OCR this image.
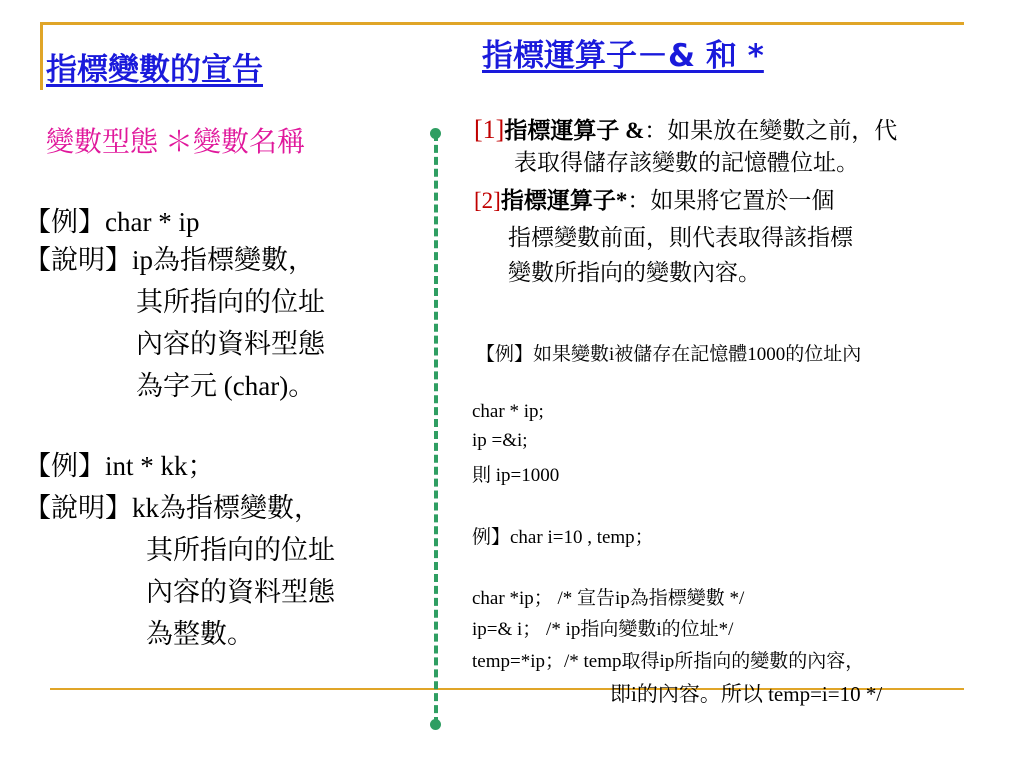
指標變數的宣告
變數型態 ＊變數名稱
【例】char * ip
【說明】ip為指標變數，
其所指向的位址
內容的資料型態
為字元 (char)。
【例】int * kk；
【說明】kk為指標變數，
其所指向的位址
內容的資料型態
為整數。
指標運算子－& 和 *
[1]指標運算子 &：如果放在變數之前，代
表取得儲存該變數的記憶體位址。
[2]指標運算子*：如果將它置於一個
指標變數前面，則代表取得該指標
變數所指向的變數內容。
【例】如果變數i被儲存在記憶體1000的位址內
char * ip;
ip =&i;
則 ip=1000
例】char i=10 , temp；
char *ip； /* 宣告ip為指標變數 */
ip=& i； /* ip指向變數i的位址*/
temp=*ip；/* temp取得ip所指向的變數的內容，
即i的內容。所以 temp=i=10 */
